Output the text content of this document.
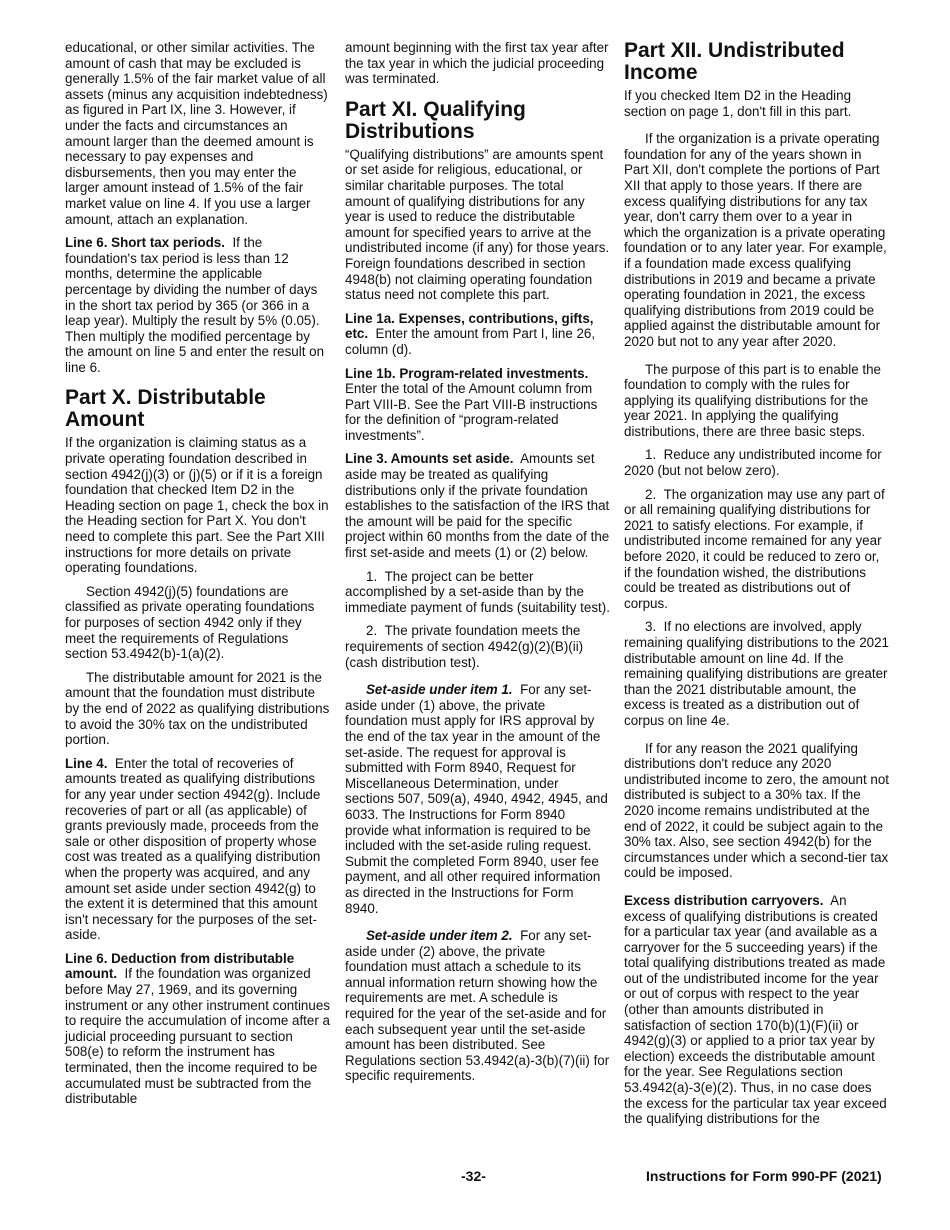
educational, or other similar activities. The amount of cash that may be excluded is generally 1.5% of the fair market value of all assets (minus any acquisition indebtedness) as figured in Part IX, line 3. However, if under the facts and circumstances an amount larger than the deemed amount is necessary to pay expenses and disbursements, then you may enter the larger amount instead of 1.5% of the fair market value on line 4. If you use a larger amount, attach an explanation.

Line 6. Short tax periods. If the foundation's tax period is less than 12 months, determine the applicable percentage by dividing the number of days in the short tax period by 365 (or 366 in a leap year). Multiply the result by 5% (0.05). Then multiply the modified percentage by the amount on line 5 and enter the result on line 6.

Part X. Distributable Amount

If the organization is claiming status as a private operating foundation described in section 4942(j)(3) or (j)(5) or if it is a foreign foundation that checked Item D2 in the Heading section on page 1, check the box in the Heading section for Part X. You don't need to complete this part. See the Part XIII instructions for more details on private operating foundations.

Section 4942(j)(5) foundations are classified as private operating foundations for purposes of section 4942 only if they meet the requirements of Regulations section 53.4942(b)-1(a)(2).

The distributable amount for 2021 is the amount that the foundation must distribute by the end of 2022 as qualifying distributions to avoid the 30% tax on the undistributed portion.

Line 4. Enter the total of recoveries of amounts treated as qualifying distributions for any year under section 4942(g). Include recoveries of part or all (as applicable) of grants previously made, proceeds from the sale or other disposition of property whose cost was treated as a qualifying distribution when the property was acquired, and any amount set aside under section 4942(g) to the extent it is determined that this amount isn't necessary for the purposes of the set-aside.

Line 6. Deduction from distributable amount. If the foundation was organized before May 27, 1969, and its governing instrument or any other instrument continues to require the accumulation of income after a judicial proceeding pursuant to section 508(e) to reform the instrument has terminated, then the income required to be accumulated must be subtracted from the distributable

amount beginning with the first tax year after the tax year in which the judicial proceeding was terminated.

Part XI. Qualifying Distributions

“Qualifying distributions” are amounts spent or set aside for religious, educational, or similar charitable purposes. The total amount of qualifying distributions for any year is used to reduce the distributable amount for specified years to arrive at the undistributed income (if any) for those years. Foreign foundations described in section 4948(b) not claiming operating foundation status need not complete this part.

Line 1a. Expenses, contributions, gifts, etc. Enter the amount from Part I, line 26, column (d).

Line 1b. Program-related investments. Enter the total of the Amount column from Part VIII-B. See the Part VIII-B instructions for the definition of “program-related investments”.

Line 3. Amounts set aside. Amounts set aside may be treated as qualifying distributions only if the private foundation establishes to the satisfaction of the IRS that the amount will be paid for the specific project within 60 months from the date of the first set-aside and meets (1) or (2) below.

1.  The project can be better accomplished by a set-aside than by the immediate payment of funds (suitability test).

2.  The private foundation meets the requirements of section 4942(g)(2)(B)(ii) (cash distribution test).

Set-aside under item 1. For any set-aside under (1) above, the private foundation must apply for IRS approval by the end of the tax year in the amount of the set-aside. The request for approval is submitted with Form 8940, Request for Miscellaneous Determination, under sections 507, 509(a), 4940, 4942, 4945, and 6033. The Instructions for Form 8940 provide what information is required to be included with the set-aside ruling request. Submit the completed Form 8940, user fee payment, and all other required information as directed in the Instructions for Form 8940.

Set-aside under item 2. For any set-aside under (2) above, the private foundation must attach a schedule to its annual information return showing how the requirements are met. A schedule is required for the year of the set-aside and for each subsequent year until the set-aside amount has been distributed. See Regulations section 53.4942(a)-3(b)(7)(ii) for specific requirements.

Part XII. Undistributed Income

If you checked Item D2 in the Heading section on page 1, don't fill in this part.

If the organization is a private operating foundation for any of the years shown in Part XII, don't complete the portions of Part XII that apply to those years. If there are excess qualifying distributions for any tax year, don't carry them over to a year in which the organization is a private operating foundation or to any later year. For example, if a foundation made excess qualifying distributions in 2019 and became a private operating foundation in 2021, the excess qualifying distributions from 2019 could be applied against the distributable amount for 2020 but not to any year after 2020.

The purpose of this part is to enable the foundation to comply with the rules for applying its qualifying distributions for the year 2021. In applying the qualifying distributions, there are three basic steps.

1.  Reduce any undistributed income for 2020 (but not below zero).

2.  The organization may use any part of or all remaining qualifying distributions for 2021 to satisfy elections. For example, if undistributed income remained for any year before 2020, it could be reduced to zero or, if the foundation wished, the distributions could be treated as distributions out of corpus.

3.  If no elections are involved, apply remaining qualifying distributions to the 2021 distributable amount on line 4d. If the remaining qualifying distributions are greater than the 2021 distributable amount, the excess is treated as a distribution out of corpus on line 4e.

If for any reason the 2021 qualifying distributions don't reduce any 2020 undistributed income to zero, the amount not distributed is subject to a 30% tax. If the 2020 income remains undistributed at the end of 2022, it could be subject again to the 30% tax. Also, see section 4942(b) for the circumstances under which a second-tier tax could be imposed.

Excess distribution carryovers. An excess of qualifying distributions is created for a particular tax year (and available as a carryover for the 5 succeeding years) if the total qualifying distributions treated as made out of the undistributed income for the year or out of corpus with respect to the year (other than amounts distributed in satisfaction of section 170(b)(1)(F)(ii) or 4942(g)(3) or applied to a prior tax year by election) exceeds the distributable amount for the year. See Regulations section 53.4942(a)-3(e)(2). Thus, in no case does the excess for the particular tax year exceed the qualifying distributions for the

-32-	Instructions for Form 990-PF (2021)
